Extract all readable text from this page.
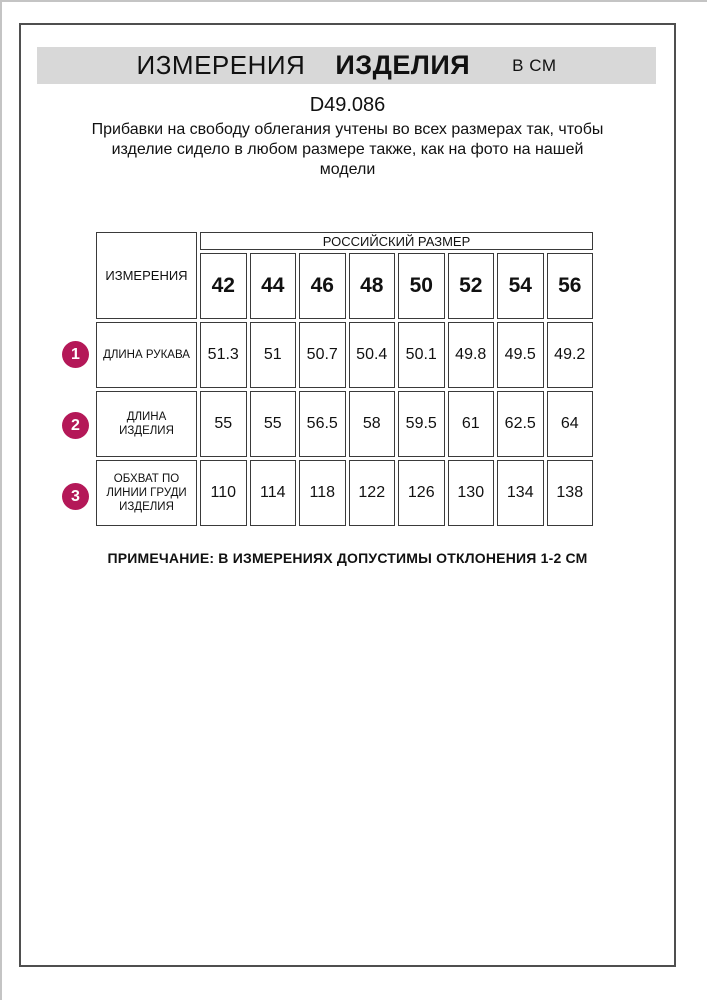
ИЗМЕРЕНИЯ ИЗДЕЛИЯ В СМ
D49.086
Прибавки на свободу облегания учтены во всех размерах так, чтобы изделие сидело в любом размере также, как на фото на нашей модели
ИЗМЕРЕНИЯ	РОССИЙСКИЙ РАЗМЕР							
	42	44	46	48	50	52	54	56
ДЛИНА РУКАВА	51.3	51	50.7	50.4	50.1	49.8	49.5	49.2
ДЛИНА ИЗДЕЛИЯ	55	55	56.5	58	59.5	61	62.5	64
ОБХВАТ ПО ЛИНИИ ГРУДИ ИЗДЕЛИЯ	110	114	118	122	126	130	134	138
1
2
3
ПРИМЕЧАНИЕ: В ИЗМЕРЕНИЯХ ДОПУСТИМЫ ОТКЛОНЕНИЯ 1-2 СМ
